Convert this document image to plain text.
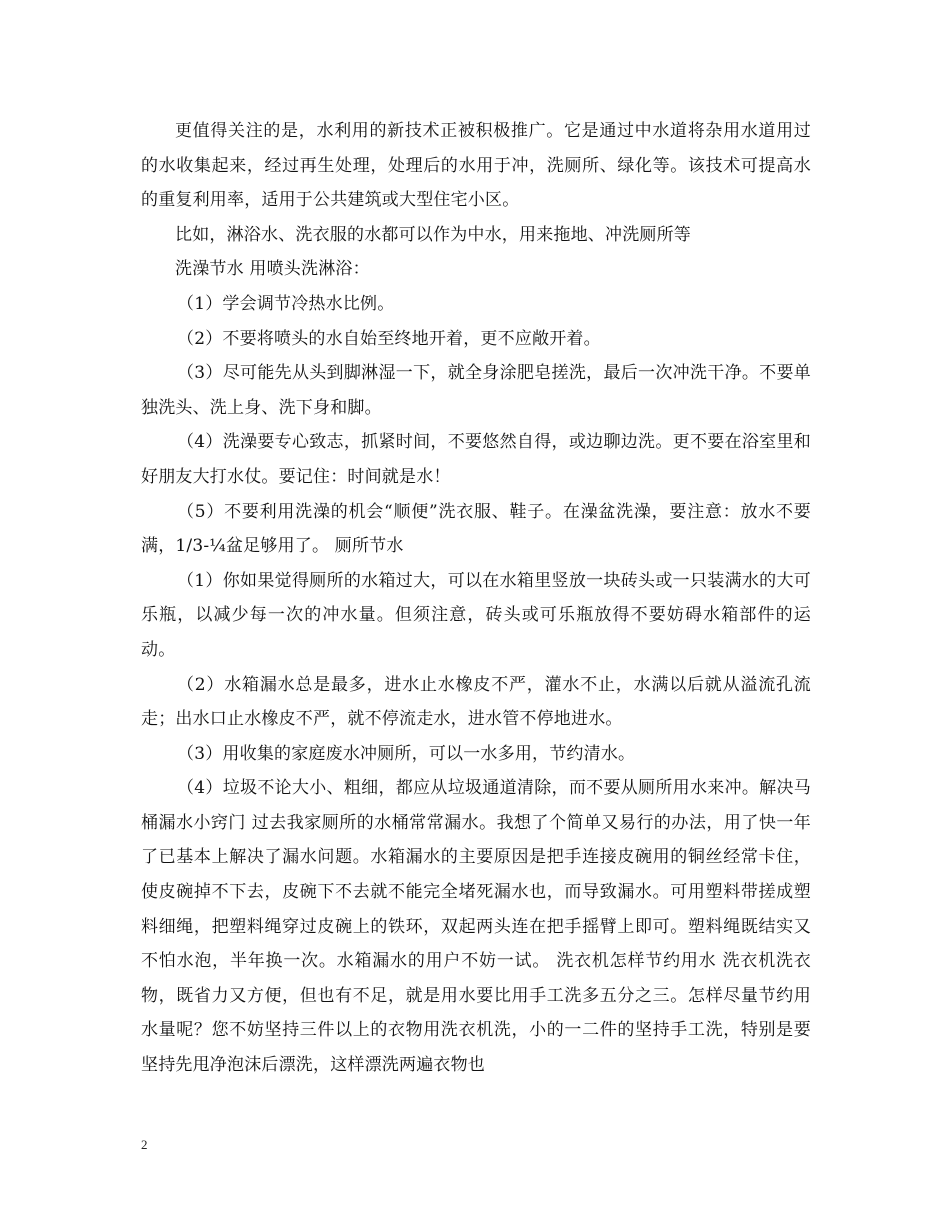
更值得关注的是，水利用的新技术正被积极推广。它是通过中水道将杂用水道用过的水收集起来，经过再生处理，处理后的水用于冲，洗厕所、绿化等。该技术可提高水的重复利用率，适用于公共建筑或大型住宅小区。

比如，淋浴水、洗衣服的水都可以作为中水，用来拖地、冲洗厕所等

洗澡节水 用喷头洗淋浴：

（1）学会调节冷热水比例。

（2）不要将喷头的水自始至终地开着，更不应敞开着。

（3）尽可能先从头到脚淋湿一下，就全身涂肥皂搓洗，最后一次冲洗干净。不要单独洗头、洗上身、洗下身和脚。

（4）洗澡要专心致志，抓紧时间，不要悠然自得，或边聊边洗。更不要在浴室里和好朋友大打水仗。要记住：时间就是水！

（5）不要利用洗澡的机会“顺便”洗衣服、鞋子。在澡盆洗澡，要注意：放水不要满，1/3-¼盆足够用了。 厕所节水

（1）你如果觉得厕所的水箱过大，可以在水箱里竖放一块砖头或一只装满水的大可乐瓶，以减少每一次的冲水量。但须注意，砖头或可乐瓶放得不要妨碍水箱部件的运动。

（2）水箱漏水总是最多，进水止水橡皮不严，灌水不止，水满以后就从溢流孔流走；出水口止水橡皮不严，就不停流走水，进水管不停地进水。

（3）用收集的家庭废水冲厕所，可以一水多用，节约清水。

（4）垃圾不论大小、粗细，都应从垃圾通道清除，而不要从厕所用水来冲。解决马桶漏水小窍门 过去我家厕所的水桶常常漏水。我想了个简单又易行的办法，用了快一年了已基本上解决了漏水问题。水箱漏水的主要原因是把手连接皮碗用的铜丝经常卡住，使皮碗掉不下去，皮碗下不去就不能完全堵死漏水也，而导致漏水。可用塑料带搓成塑料细绳，把塑料绳穿过皮碗上的铁环，双起两头连在把手摇臂上即可。塑料绳既结实又不怕水泡，半年换一次。水箱漏水的用户不妨一试。 洗衣机怎样节约用水 洗衣机洗衣物，既省力又方便，但也有不足，就是用水要比用手工洗多五分之三。怎样尽量节约用水量呢？您不妨坚持三件以上的衣物用洗衣机洗，小的一二件的坚持手工洗，特别是要坚持先甩净泡沫后漂洗，这样漂洗两遍衣物也

2
